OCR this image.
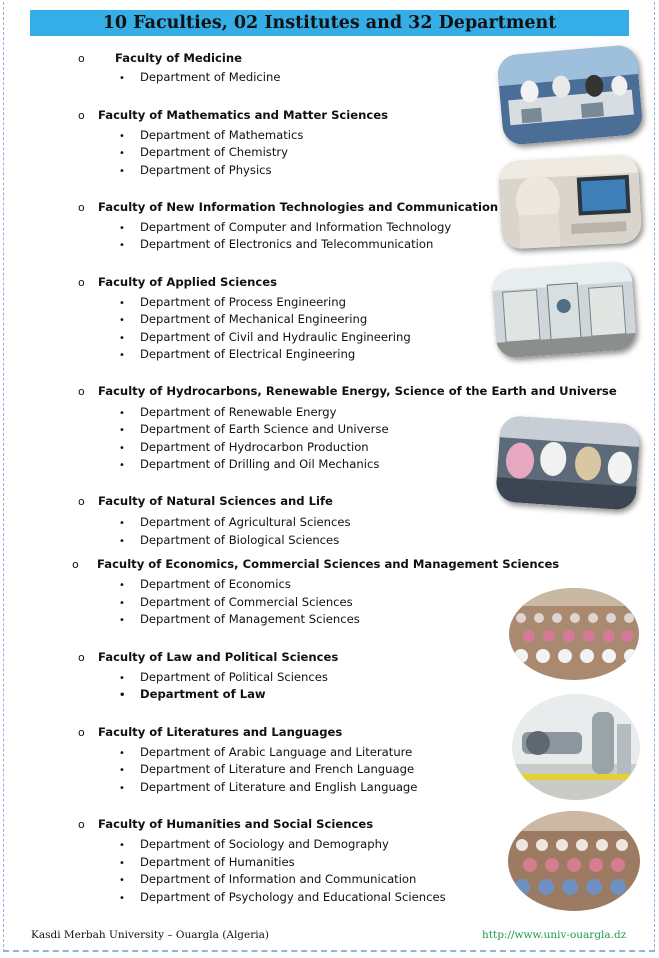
10 Faculties, 02 Institutes and 32 Department
o	Faculty of Medicine
• Department of Medicine
o Faculty of Mathematics and Matter Sciences
• Department of Mathematics
• Department of Chemistry
• Department of Physics
o Faculty of New Information Technologies and Communication
• Department of Computer and Information Technology
• Department of Electronics and Telecommunication
o Faculty of Applied Sciences
• Department of Process Engineering
• Department of Mechanical Engineering
• Department of Civil and Hydraulic Engineering
• Department of Electrical Engineering
o Faculty of Hydrocarbons, Renewable Energy, Science of the Earth and Universe
• Department of Renewable Energy
• Department of Earth Science and Universe
• Department of Hydrocarbon Production
• Department of Drilling and Oil Mechanics
o Faculty of Natural Sciences and Life
• Department of Agricultural Sciences
• Department of Biological Sciences
o Faculty of Economics, Commercial Sciences and Management Sciences
• Department of Economics
• Department of Commercial Sciences
• Department of Management Sciences
o Faculty of Law and Political Sciences
• Department of Political Sciences
• Department of Law
o Faculty of Literatures and Languages
• Department of Arabic Language and Literature
• Department of Literature and French Language
• Department of Literature and English Language
o Faculty of Humanities and Social Sciences
• Department of Sociology and Demography
• Department of Humanities
• Department of Information and Communication
• Department of Psychology and Educational Sciences
Kasdi Merbah University – Ouargla (Algeria)	http://www.univ-ouargla.dz
